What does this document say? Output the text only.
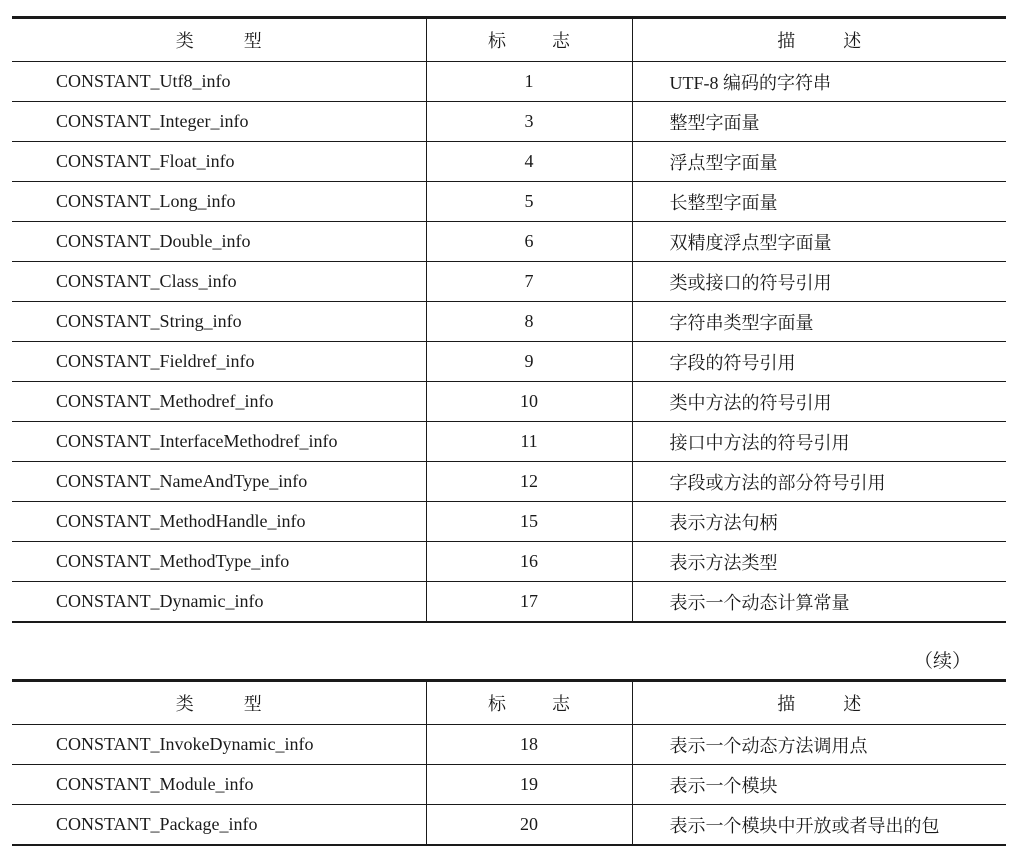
类 型	标 志	描 述
CONSTANT_Utf8_info	1	UTF-8 编码的字符串
CONSTANT_Integer_info	3	整型字面量
CONSTANT_Float_info	4	浮点型字面量
CONSTANT_Long_info	5	长整型字面量
CONSTANT_Double_info	6	双精度浮点型字面量
CONSTANT_Class_info	7	类或接口的符号引用
CONSTANT_String_info	8	字符串类型字面量
CONSTANT_Fieldref_info	9	字段的符号引用
CONSTANT_Methodref_info	10	类中方法的符号引用
CONSTANT_InterfaceMethodref_info	11	接口中方法的符号引用
CONSTANT_NameAndType_info	12	字段或方法的部分符号引用
CONSTANT_MethodHandle_info	15	表示方法句柄
CONSTANT_MethodType_info	16	表示方法类型
CONSTANT_Dynamic_info	17	表示一个动态计算常量
（续）
类 型	标 志	描 述
CONSTANT_InvokeDynamic_info	18	表示一个动态方法调用点
CONSTANT_Module_info	19	表示一个模块
CONSTANT_Package_info	20	表示一个模块中开放或者导出的包
